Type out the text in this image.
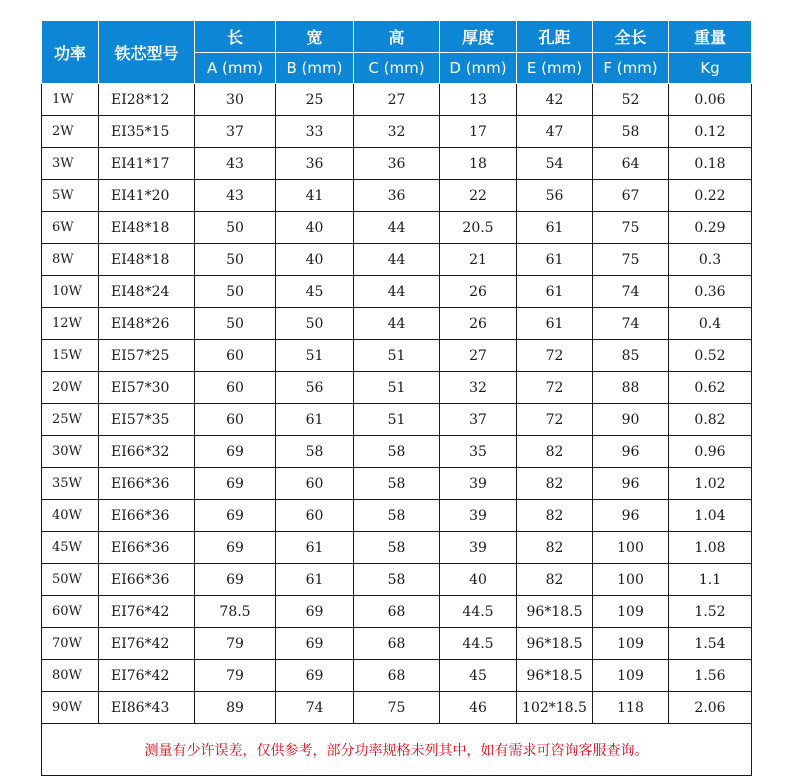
功率	铁芯型号	长	宽	高	厚度	孔距	全长	重量
		A (mm)	B (mm)	C (mm)	D (mm)	E (mm)	F (mm)	Kg
1W	EI28*12	30	25	27	13	42	52	0.06
2W	EI35*15	37	33	32	17	47	58	0.12
3W	EI41*17	43	36	36	18	54	64	0.18
5W	EI41*20	43	41	36	22	56	67	0.22
6W	EI48*18	50	40	44	20.5	61	75	0.29
8W	EI48*18	50	40	44	21	61	75	0.3
10W	EI48*24	50	45	44	26	61	74	0.36
12W	EI48*26	50	50	44	26	61	74	0.4
15W	EI57*25	60	51	51	27	72	85	0.52
20W	EI57*30	60	56	51	32	72	88	0.62
25W	EI57*35	60	61	51	37	72	90	0.82
30W	EI66*32	69	58	58	35	82	96	0.96
35W	EI66*36	69	60	58	39	82	96	1.02
40W	EI66*36	69	60	58	39	82	96	1.04
45W	EI66*36	69	61	58	39	82	100	1.08
50W	EI66*36	69	61	58	40	82	100	1.1
60W	EI76*42	78.5	69	68	44.5	96*18.5	109	1.52
70W	EI76*42	79	69	68	44.5	96*18.5	109	1.54
80W	EI76*42	79	69	68	45	96*18.5	109	1.56
90W	EI86*43	89	74	75	46	102*18.5	118	2.06
测量有少许误差，仅供参考，部分功率规格未列其中，如有需求可咨询客服查询。								
